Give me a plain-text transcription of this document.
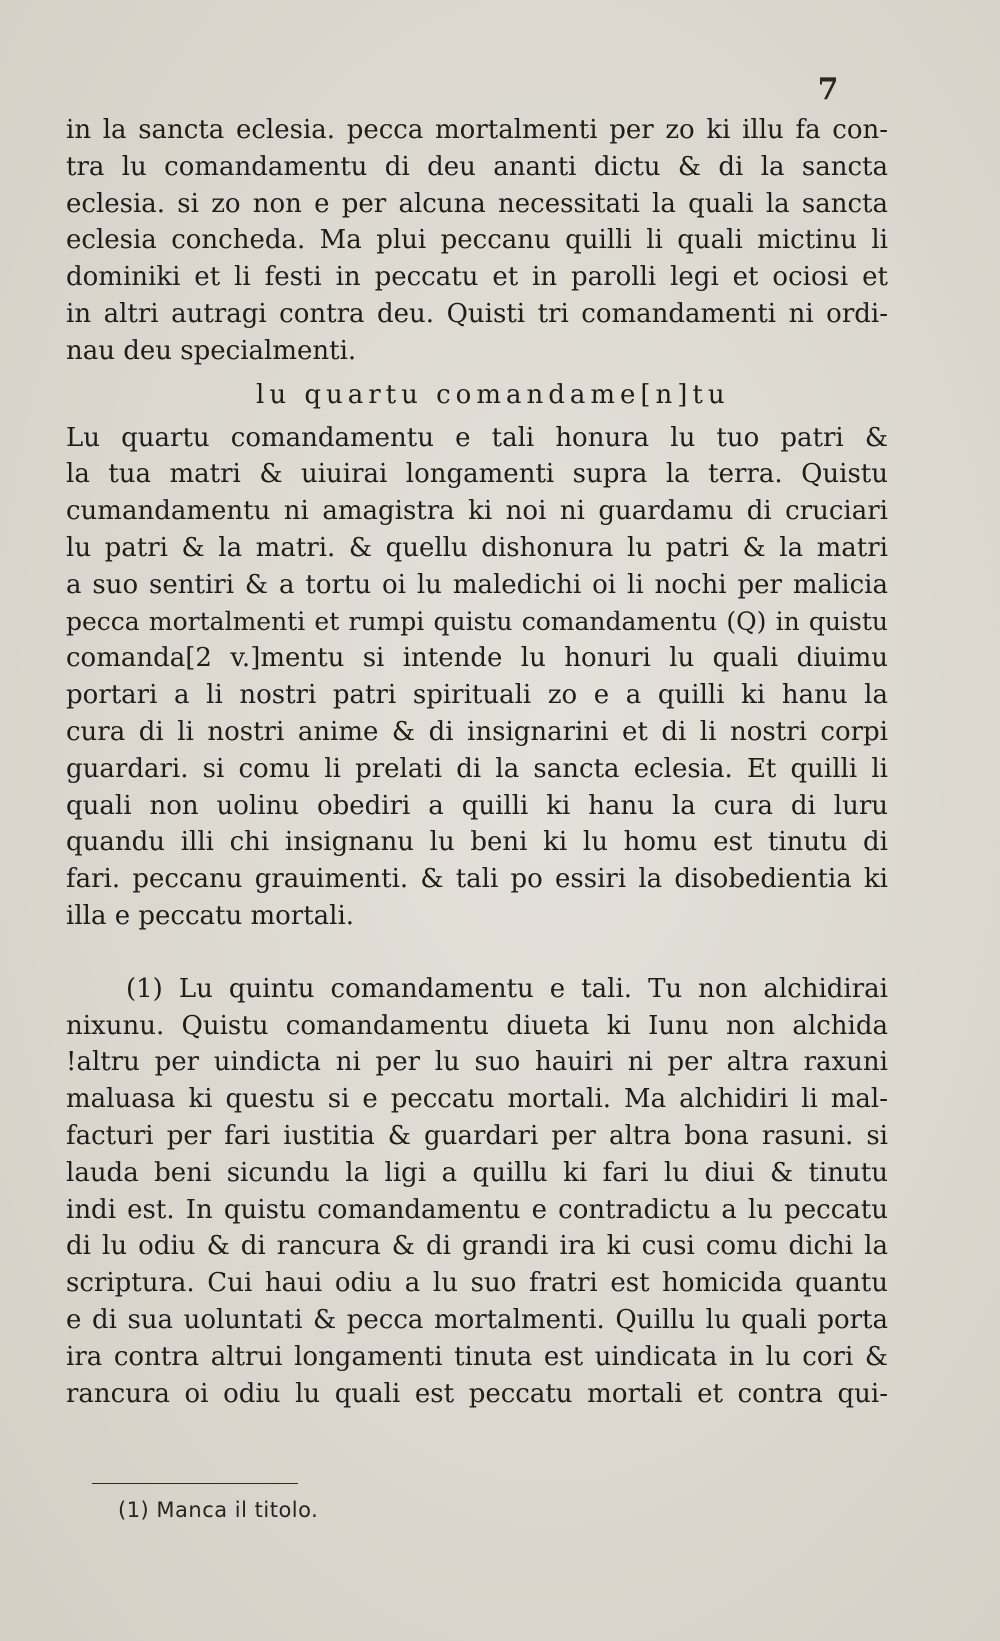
7
in la sancta eclesia. pecca mortalmenti per zo ki illu fa con-
tra lu comandamentu di deu ananti dictu & di la sancta
eclesia. si zo non e per alcuna necessitati la quali la sancta
eclesia concheda. Ma plui peccanu quilli li quali mictinu li
dominiki et li festi in peccatu et in parolli legi et ociosi et
in altri autragi contra deu. Quisti tri comandamenti ni ordi-
nau deu specialmenti.
lu quartu comandame[n]tu
Lu quartu comandamentu e tali honura lu tuo patri &
la tua matri & uiuirai longamenti supra la terra. Quistu
cumandamentu ni amagistra ki noi ni guardamu di cruciari
lu patri & la matri. & quellu dishonura lu patri & la matri
a suo sentiri & a tortu oi lu maledichi oi li nochi per malicia
pecca mortalmenti et rumpi quistu comandamentu (Q) in quistu
comanda[2 v.]mentu si intende lu honuri lu quali diuimu
portari a li nostri patri spirituali zo e a quilli ki hanu la
cura di li nostri anime & di insignarini et di li nostri corpi
guardari. si comu li prelati di la sancta eclesia. Et quilli li
quali non uolinu obediri a quilli ki hanu la cura di luru
quandu illi chi insignanu lu beni ki lu homu est tinutu di
fari. peccanu grauimenti. & tali po essiri la disobedientia ki
illa e peccatu mortali.
(1) Lu quintu comandamentu e tali. Tu non alchidirai
nixunu. Quistu comandamentu diueta ki Iunu non alchida
!altru per uindicta ni per lu suo hauiri ni per altra raxuni
maluasa ki questu si e peccatu mortali. Ma alchidiri li mal-
facturi per fari iustitia & guardari per altra bona rasuni. si
lauda beni sicundu la ligi a quillu ki fari lu diui & tinutu
indi est. In quistu comandamentu e contradictu a lu peccatu
di lu odiu & di rancura & di grandi ira ki cusi comu dichi la
scriptura. Cui haui odiu a lu suo fratri est homicida quantu
e di sua uoluntati & pecca mortalmenti. Quillu lu quali porta
ira contra altrui longamenti tinuta est uindicata in lu cori &
rancura oi odiu lu quali est peccatu mortali et contra qui-
(1) Manca il titolo.
